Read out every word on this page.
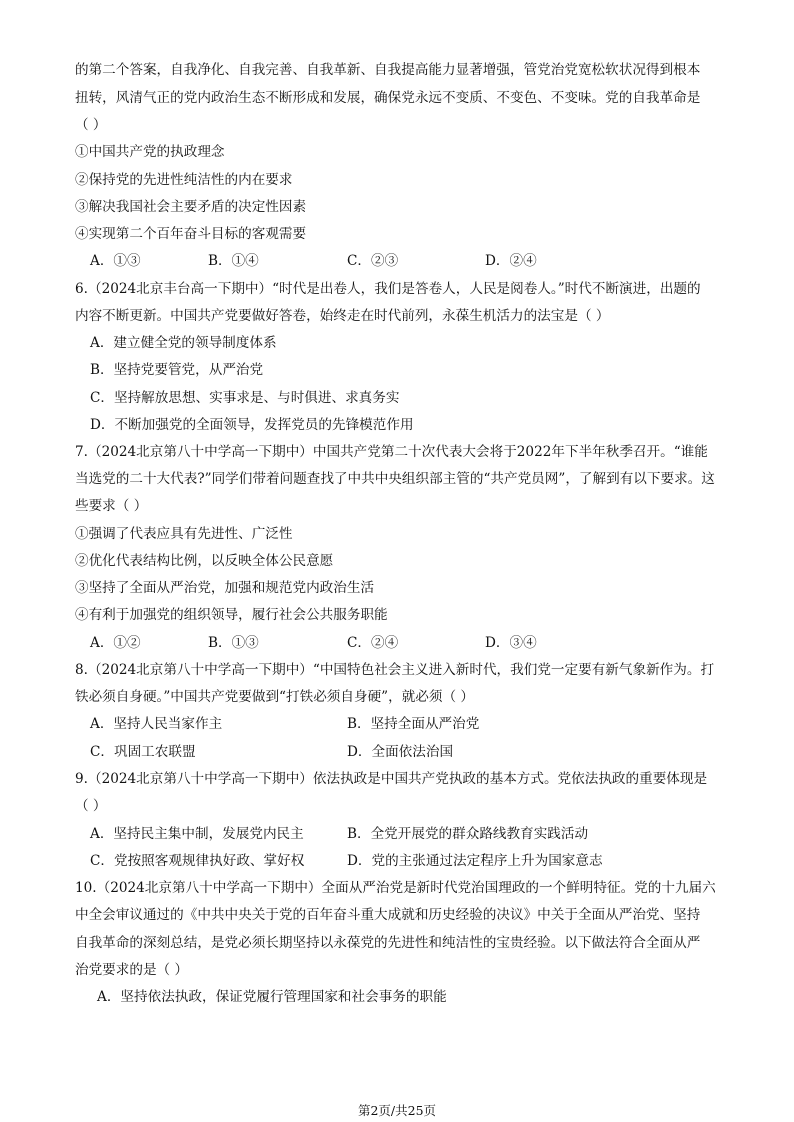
的第二个答案，自我净化、自我完善、自我革新、自我提高能力显著增强，管党治党宽松软状况得到根本
扭转，风清气正的党内政治生态不断形成和发展，确保党永远不变质、不变色、不变味。党的自我革命是
（ ）
①中国共产党的执政理念
②保持党的先进性纯洁性的内在要求
③解决我国社会主要矛盾的决定性因素
④实现第二个百年奋斗目标的客观需要
A．①③	B．①④	C．②③	D．②④
6.（2024北京丰台高一下期中）“时代是出卷人，我们是答卷人，人民是阅卷人。”时代不断演进，出题的
内容不断更新。中国共产党要做好答卷，始终走在时代前列，永葆生机活力的法宝是（ ）
A．建立健全党的领导制度体系
B．坚持党要管党，从严治党
C．坚持解放思想、实事求是、与时俱进、求真务实
D．不断加强党的全面领导，发挥党员的先锋模范作用
7.（2024北京第八十中学高一下期中）中国共产党第二十次代表大会将于2022年下半年秋季召开。“谁能
当选党的二十大代表?”同学们带着问题查找了中共中央组织部主管的“共产党员网”，了解到有以下要求。这
些要求（ ）
①强调了代表应具有先进性、广泛性
②优化代表结构比例，以反映全体公民意愿
③坚持了全面从严治党，加强和规范党内政治生活
④有利于加强党的组织领导，履行社会公共服务职能
A．①②	B．①③	C．②④	D．③④
8.（2024北京第八十中学高一下期中）“中国特色社会主义进入新时代，我们党一定要有新气象新作为。打
铁必须自身硬。”中国共产党要做到“打铁必须自身硬”，就必须（ ）
A．坚持人民当家作主	B．坚持全面从严治党
C．巩固工农联盟	D．全面依法治国
9.（2024北京第八十中学高一下期中）依法执政是中国共产党执政的基本方式。党依法执政的重要体现是
（ ）
A．坚持民主集中制，发展党内民主	B．全党开展党的群众路线教育实践活动
C．党按照客观规律执好政、掌好权	D．党的主张通过法定程序上升为国家意志
10.（2024北京第八十中学高一下期中）全面从严治党是新时代党治国理政的一个鲜明特征。党的十九届六
中全会审议通过的《中共中央关于党的百年奋斗重大成就和历史经验的决议》中关于全面从严治党、坚持
自我革命的深刻总结，是党必须长期坚持以永葆党的先进性和纯洁性的宝贵经验。以下做法符合全面从严
治党要求的是（ ）
A．坚持依法执政，保证党履行管理国家和社会事务的职能
第2页/共25页
